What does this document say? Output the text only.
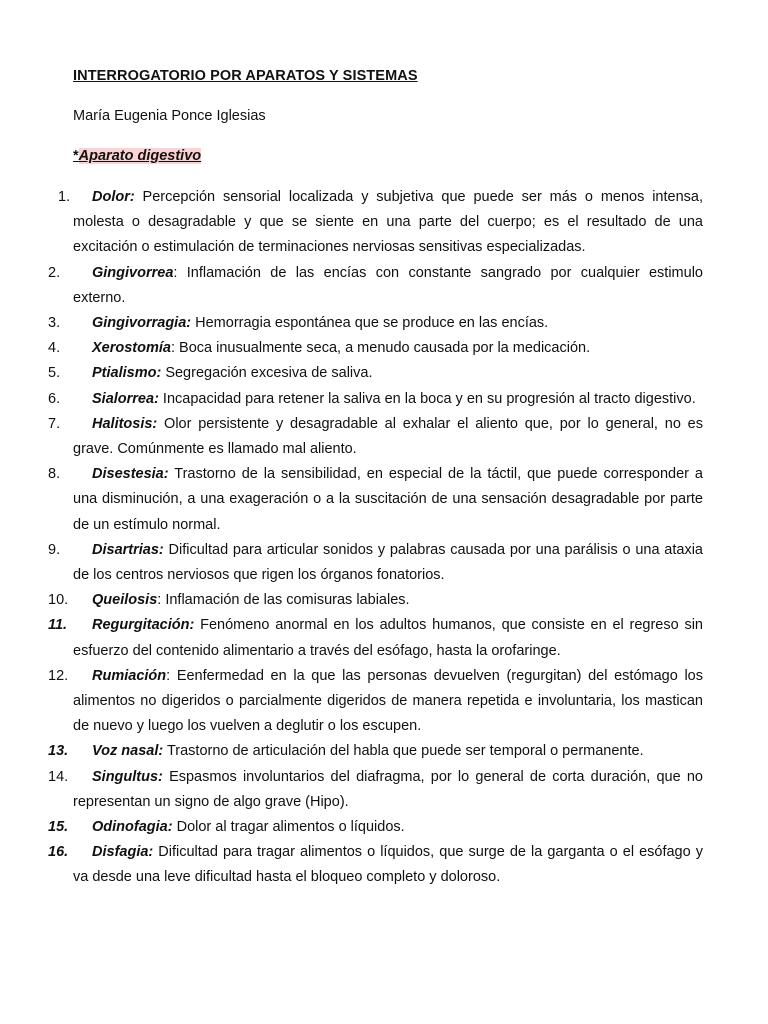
INTERROGATORIO POR APARATOS Y SISTEMAS
María Eugenia Ponce Iglesias
*Aparato digestivo

1.	Dolor: Percepción sensorial localizada y subjetiva que puede ser más o menos intensa, molesta o desagradable y que se siente en una parte del cuerpo; es el resultado de una excitación o estimulación de terminaciones nerviosas sensitivas especializadas.

2.	Gingivorrea: Inflamación de las encías con constante sangrado por cualquier estimulo externo.

3.	Gingivorragia: Hemorragia espontánea que se produce en las encías.

4.	Xerostomía: Boca inusualmente seca, a menudo causada por la medicación.

5.	Ptialismo: Segregación excesiva de saliva.

6.	Sialorrea: Incapacidad para retener la saliva en la boca y en su progresión al tracto digestivo.

7.	Halitosis: Olor persistente y desagradable al exhalar el aliento que, por lo general, no es grave. Comúnmente es llamado mal aliento.

8.	Disestesia: Trastorno de la sensibilidad, en especial de la táctil, que puede corresponder a una disminución, a una exageración o a la suscitación de una sensación desagradable por parte de un estímulo normal.

9.	Disartrias: Dificultad para articular sonidos y palabras causada por una parálisis o una ataxia de los centros nerviosos que rigen los órganos fonatorios.

10. Queilosis: Inflamación de las comisuras labiales.

11.	Regurgitación: Fenómeno anormal en los adultos humanos, que consiste en el regreso sin esfuerzo del contenido alimentario a través del esófago, hasta la orofaringe.

12. Rumiación: Eenfermedad en la que las personas devuelven (regurgitan) del estómago los alimentos no digeridos o parcialmente digeridos de manera repetida e involuntaria, los mastican de nuevo y luego los vuelven a deglutir o los escupen.

13. Voz nasal: Trastorno de articulación del habla que puede ser temporal o permanente.

14. Singultus: Espasmos involuntarios del diafragma, por lo general de corta duración, que no representan un signo de algo grave (Hipo).

15. Odinofagia: Dolor al tragar alimentos o líquidos.

16. Disfagia: Dificultad para tragar alimentos o líquidos, que surge de la garganta o el esófago y va desde una leve dificultad hasta el bloqueo completo y doloroso.
